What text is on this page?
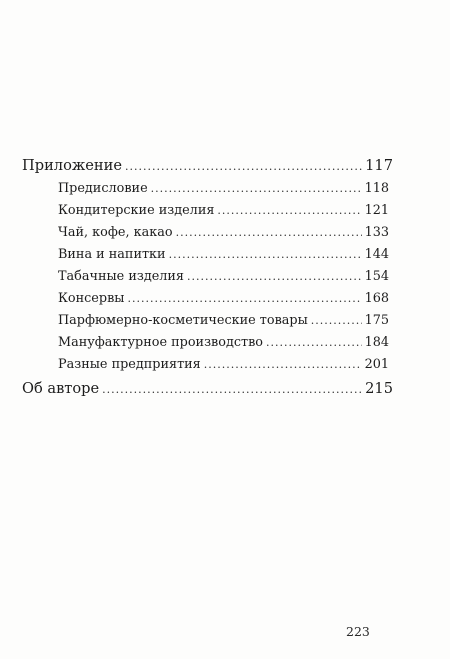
Приложение .....	117
Предисловие .....	118
Кондитерские изделия .....	121
Чай, кофе, какао .....	133
Вина и напитки .....	144
Табачные изделия .....	154
Консервы .....	168
Парфюмерно-косметические товары .....	175
Мануфактурное производство .....	184
Разные предприятия .....	201
Об авторе .....	215
223
